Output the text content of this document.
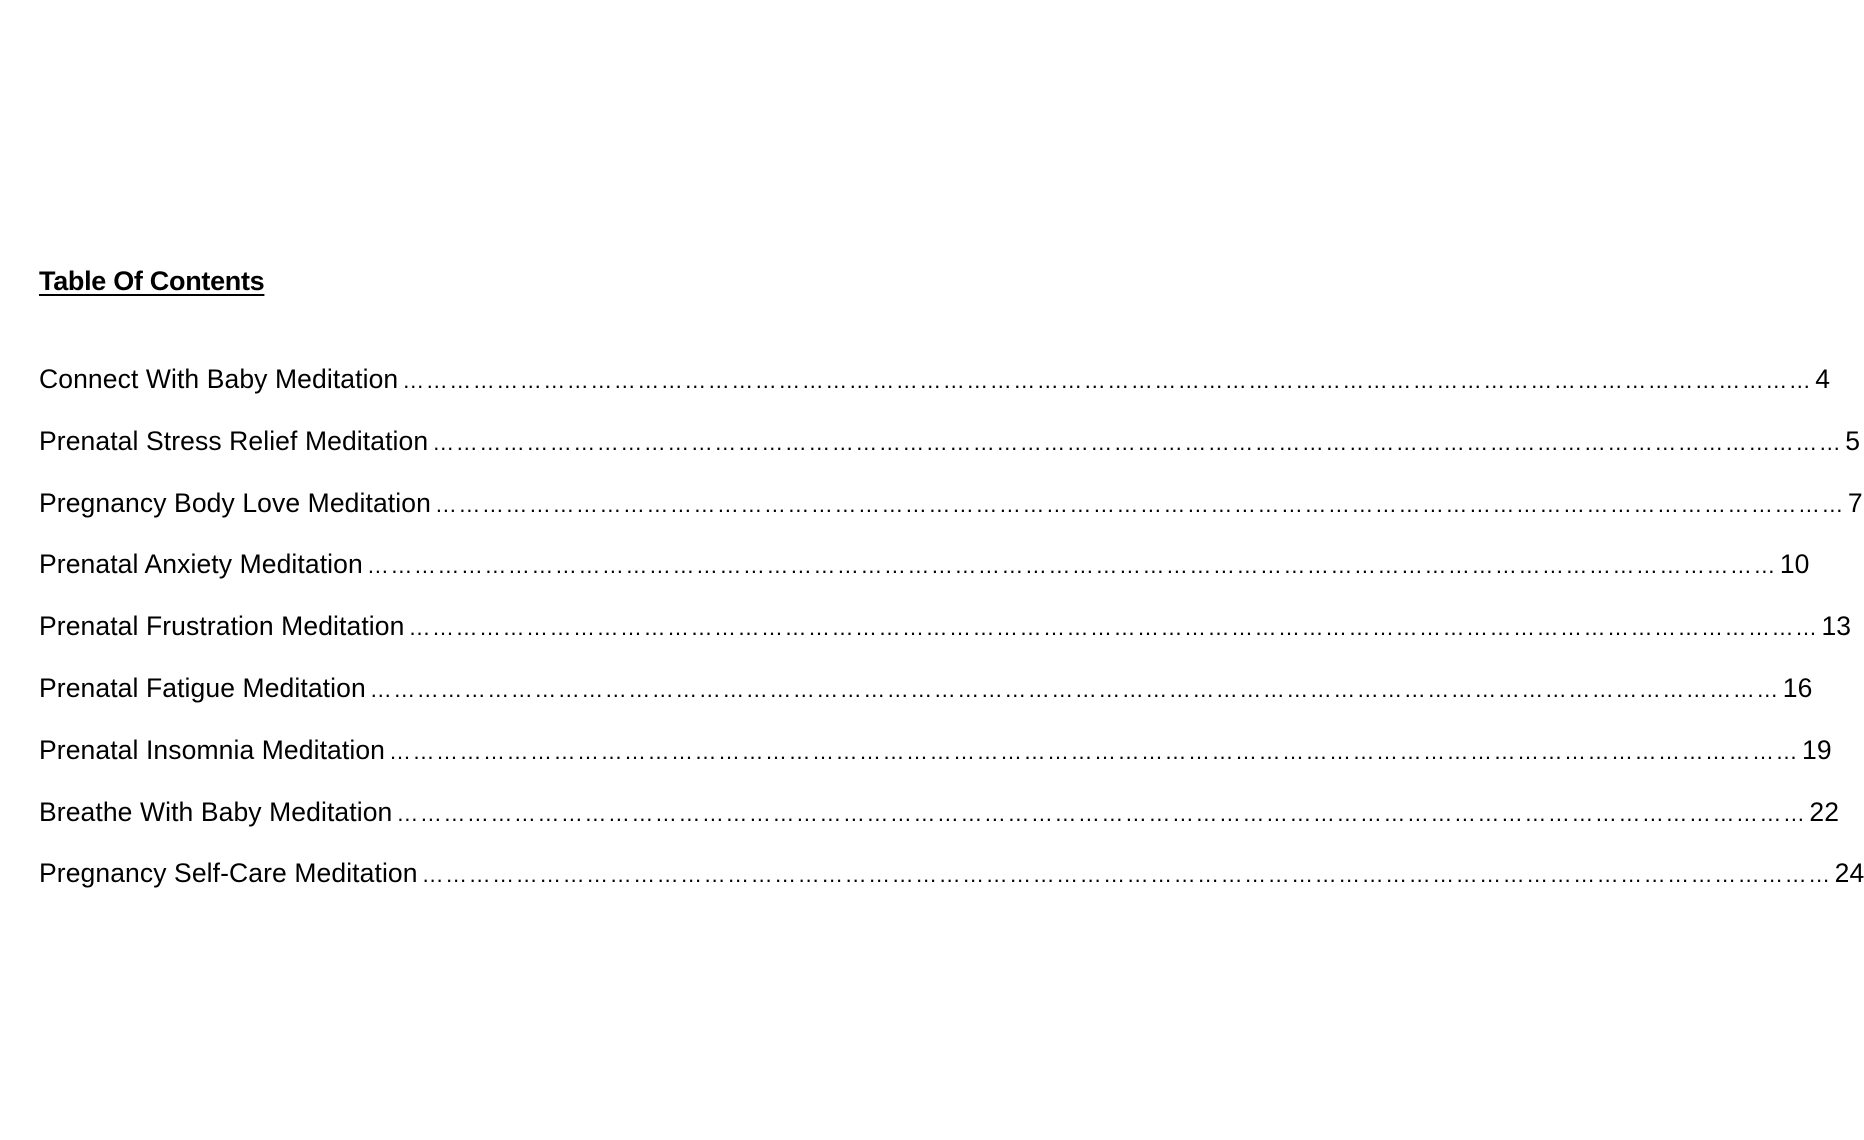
Table Of Contents
Connect With Baby Meditation ……………………………………………………………………………………………………………………………………………………………… 4
Prenatal Stress Relief Meditation ……………………………………………………………………………………………………………………………………………………………… 5
Pregnancy Body Love Meditation ……………………………………………………………………………………………………………………………………………………………… 7
Prenatal Anxiety Meditation ……………………………………………………………………………………………………………………………………………………………… 10
Prenatal Frustration Meditation ……………………………………………………………………………………………………………………………………………………………… 13
Prenatal Fatigue Meditation ……………………………………………………………………………………………………………………………………………………………… 16
Prenatal Insomnia Meditation ……………………………………………………………………………………………………………………………………………………………… 19
Breathe With Baby Meditation ……………………………………………………………………………………………………………………………………………………………… 22
Pregnancy Self-Care Meditation ……………………………………………………………………………………………………………………………………………………………… 24
